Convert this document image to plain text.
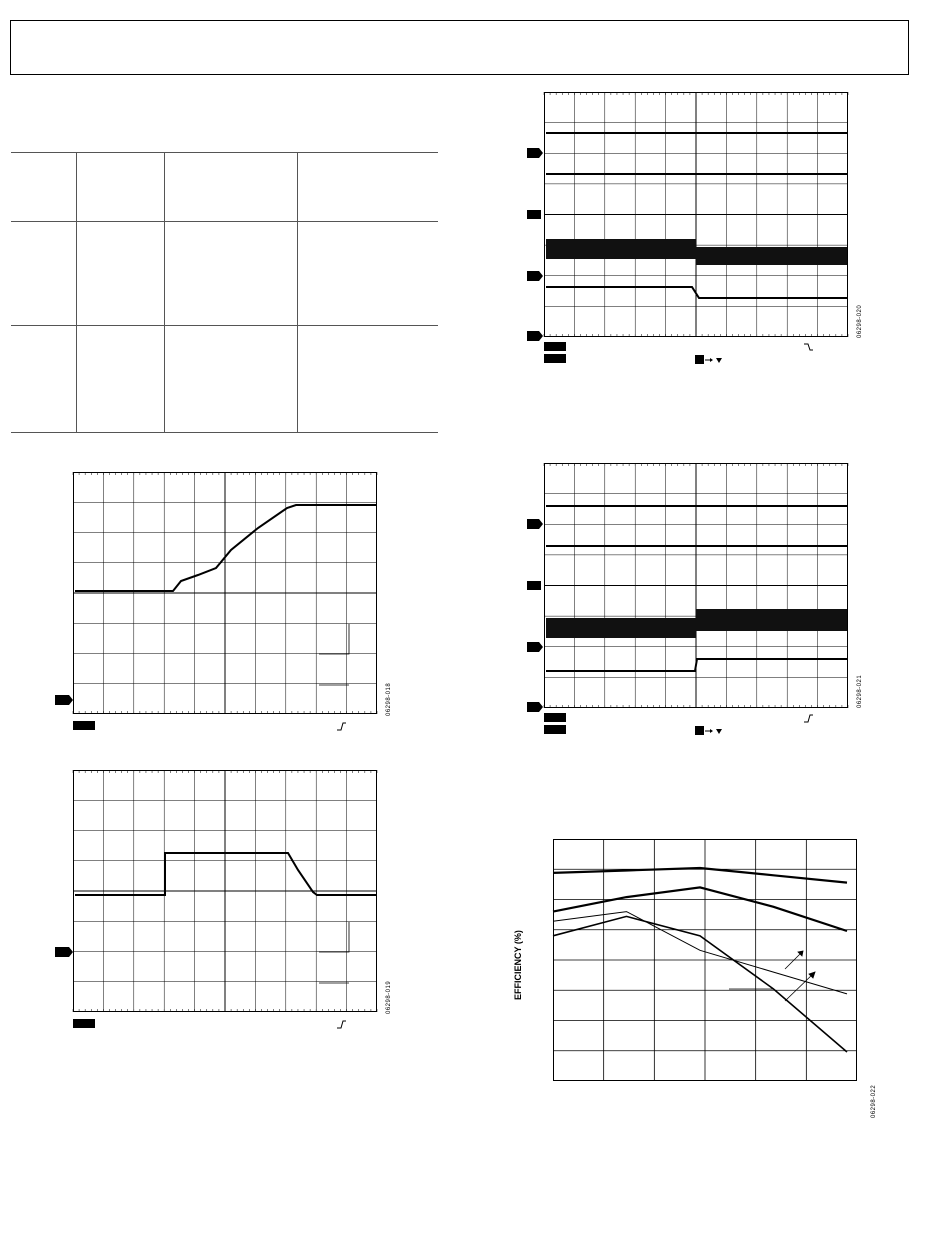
06298-018
06298-019
06298-020
06298-021
EFFICIENCY (%)
06298-022
